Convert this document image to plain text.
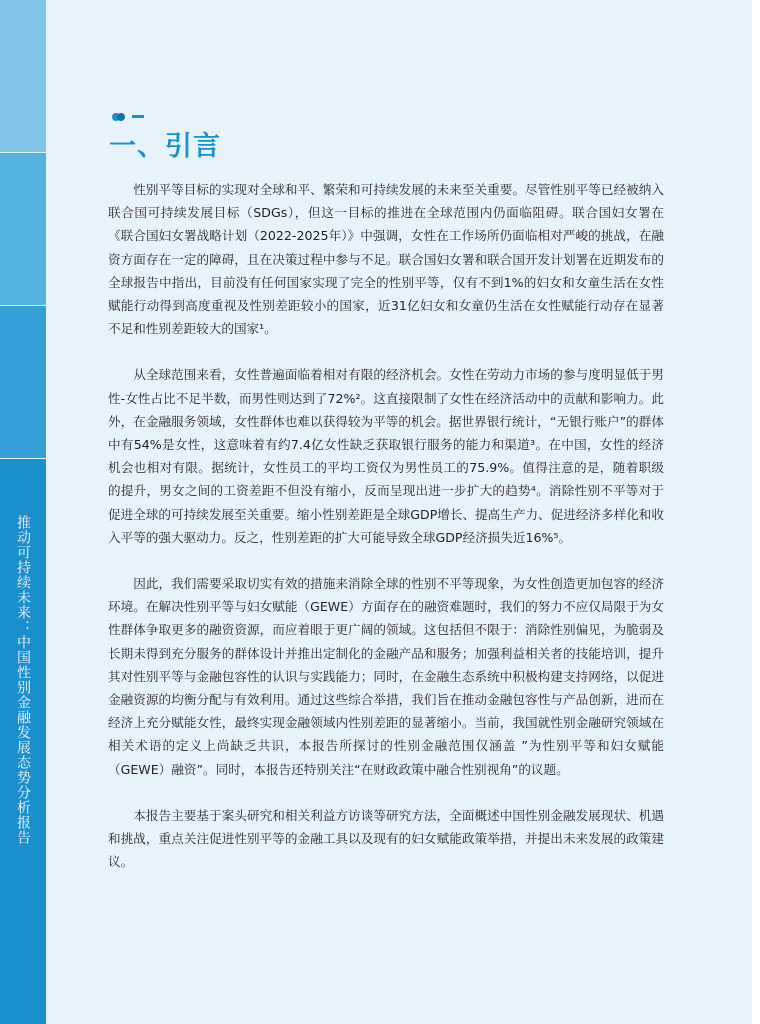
推动可持续未来：中国性别金融发展态势分析报告
一、引言

性别平等目标的实现对全球和平、繁荣和可持续发展的未来至关重要。尽管性别平等已经被纳入联合国可持续发展目标（SDGs），但这一目标的推进在全球范围内仍面临阻碍。联合国妇女署在《联合国妇女署战略计划（2022-2025年）》中强调，女性在工作场所仍面临相对严峻的挑战，在融资方面存在一定的障碍，且在决策过程中参与不足。联合国妇女署和联合国开发计划署在近期发布的全球报告中指出，目前没有任何国家实现了完全的性别平等，仅有不到1%的妇女和女童生活在女性赋能行动得到高度重视及性别差距较小的国家，近31亿妇女和女童仍生活在女性赋能行动存在显著不足和性别差距较大的国家¹。

从全球范围来看，女性普遍面临着相对有限的经济机会。女性在劳动力市场的参与度明显低于男性-女性占比不足半数，而男性则达到了72%²。这直接限制了女性在经济活动中的贡献和影响力。此外，在金融服务领域，女性群体也难以获得较为平等的机会。据世界银行统计，“无银行账户”的群体中有54%是女性，这意味着有约7.4亿女性缺乏获取银行服务的能力和渠道³。在中国，女性的经济机会也相对有限。据统计，女性员工的平均工资仅为男性员工的75.9%。值得注意的是，随着职级的提升，男女之间的工资差距不但没有缩小，反而呈现出进一步扩大的趋势⁴。消除性别不平等对于促进全球的可持续发展至关重要。缩小性别差距是全球GDP增长、提高生产力、促进经济多样化和收入平等的强大驱动力。反之，性别差距的扩大可能导致全球GDP经济损失近16%⁵。

因此，我们需要采取切实有效的措施来消除全球的性别不平等现象，为女性创造更加包容的经济环境。在解决性别平等与妇女赋能（GEWE）方面存在的融资难题时，我们的努力不应仅局限于为女性群体争取更多的融资资源，而应着眼于更广阔的领域。这包括但不限于：消除性别偏见，为脆弱及长期未得到充分服务的群体设计并推出定制化的金融产品和服务；加强利益相关者的技能培训，提升其对性别平等与金融包容性的认识与实践能力；同时，在金融生态系统中积极构建支持网络，以促进金融资源的均衡分配与有效利用。通过这些综合举措，我们旨在推动金融包容性与产品创新，进而在经济上充分赋能女性，最终实现金融领域内性别差距的显著缩小。当前，我国就性别金融研究领域在相关术语的定义上尚缺乏共识，本报告所探讨的性别金融范围仅涵盖 ”为性别平等和妇女赋能（GEWE）融资”。同时，本报告还特别关注“在财政政策中融合性别视角”的议题。

本报告主要基于案头研究和相关利益方访谈等研究方法，全面概述中国性别金融发展现状、机遇和挑战，重点关注促进性别平等的金融工具以及现有的妇女赋能政策举措，并提出未来发展的政策建议。
